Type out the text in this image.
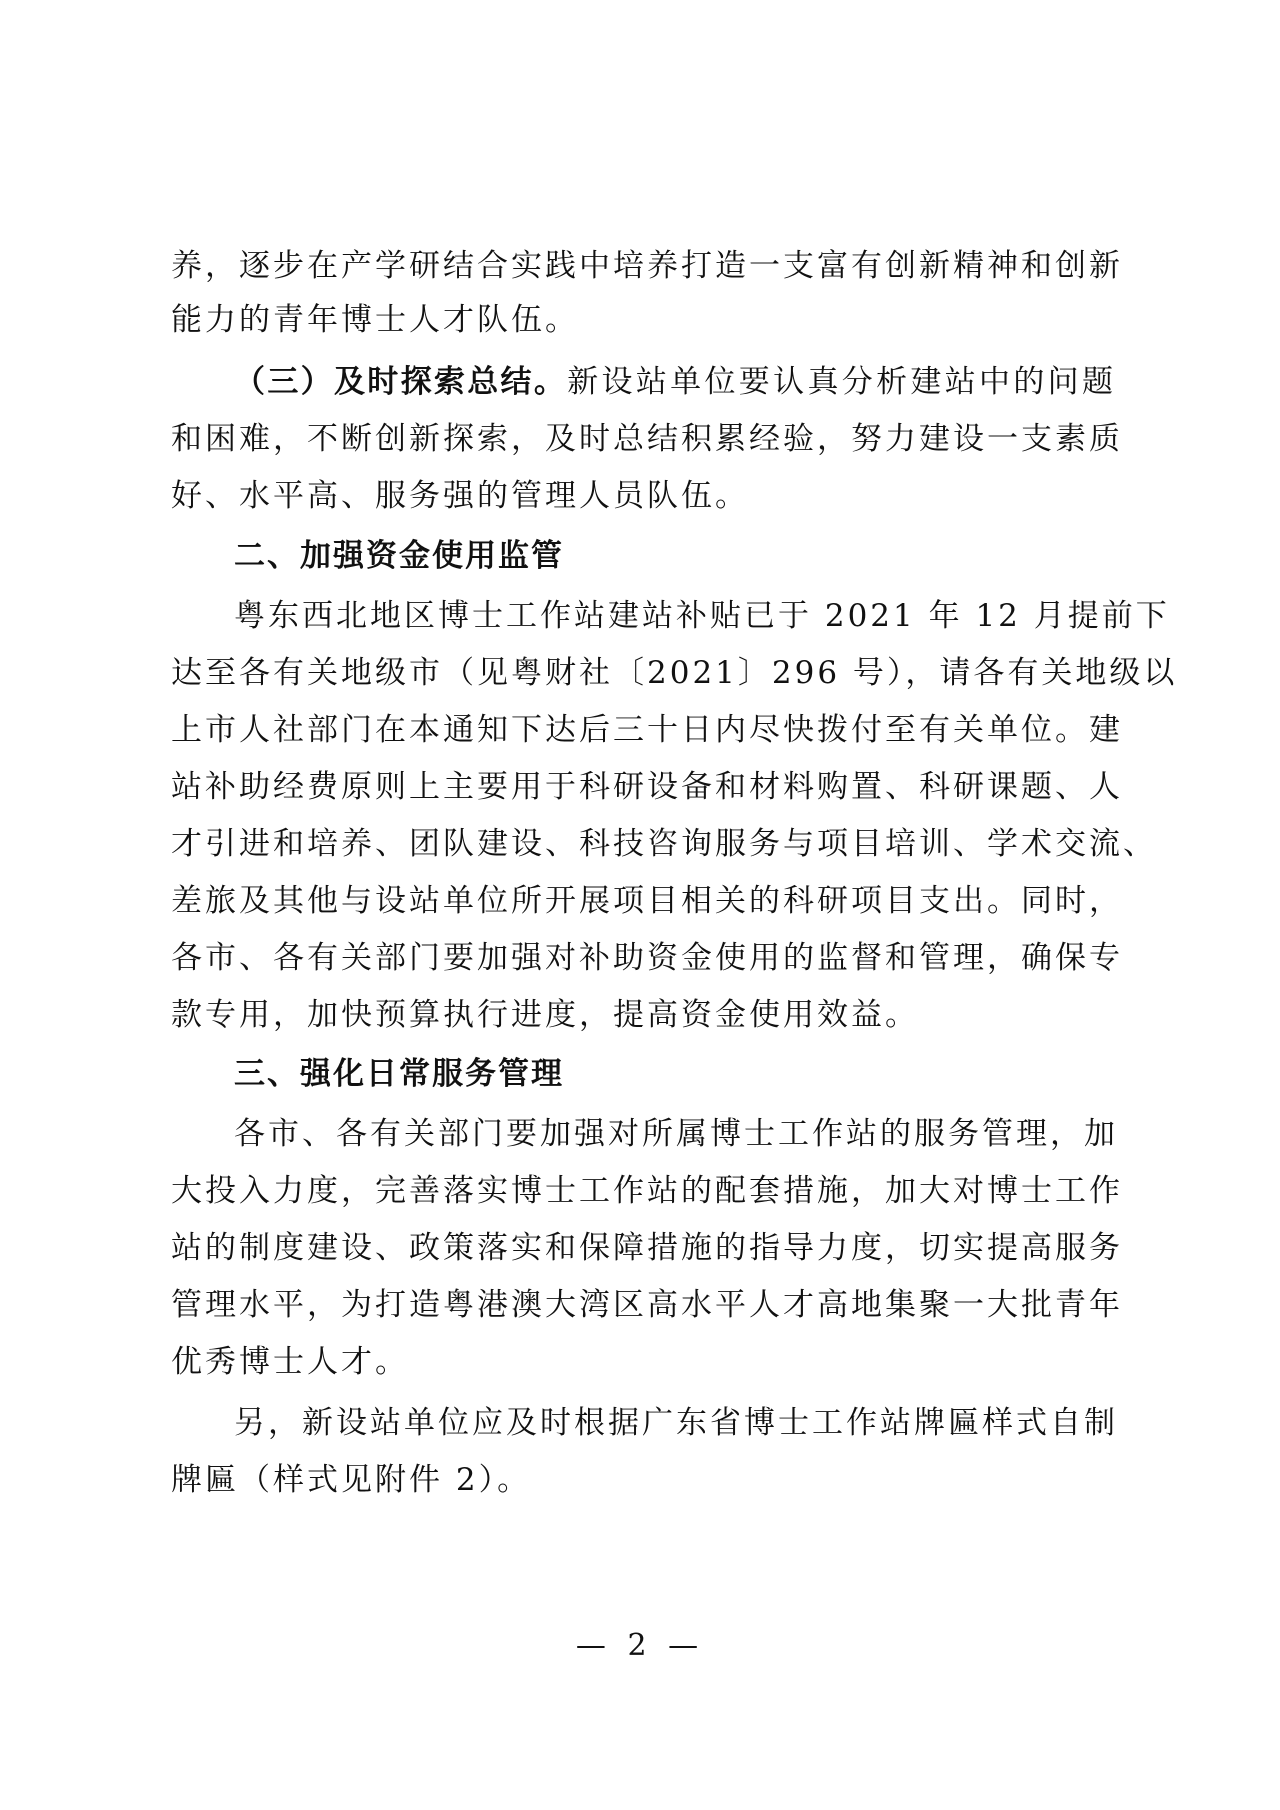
养，逐步在产学研结合实践中培养打造一支富有创新精神和创新
能力的青年博士人才队伍。
（三）及时探索总结。新设站单位要认真分析建站中的问题
和困难，不断创新探索，及时总结积累经验，努力建设一支素质
好、水平高、服务强的管理人员队伍。
二、加强资金使用监管
粤东西北地区博士工作站建站补贴已于 2021 年 12 月提前下
达至各有关地级市（见粤财社〔2021〕296 号），请各有关地级以
上市人社部门在本通知下达后三十日内尽快拨付至有关单位。建
站补助经费原则上主要用于科研设备和材料购置、科研课题、人
才引进和培养、团队建设、科技咨询服务与项目培训、学术交流、
差旅及其他与设站单位所开展项目相关的科研项目支出。同时，
各市、各有关部门要加强对补助资金使用的监督和管理，确保专
款专用，加快预算执行进度，提高资金使用效益。
三、强化日常服务管理
各市、各有关部门要加强对所属博士工作站的服务管理，加
大投入力度，完善落实博士工作站的配套措施，加大对博士工作
站的制度建设、政策落实和保障措施的指导力度，切实提高服务
管理水平，为打造粤港澳大湾区高水平人才高地集聚一大批青年
优秀博士人才。
另，新设站单位应及时根据广东省博士工作站牌匾样式自制
牌匾（样式见附件 2）。
— 2 —
